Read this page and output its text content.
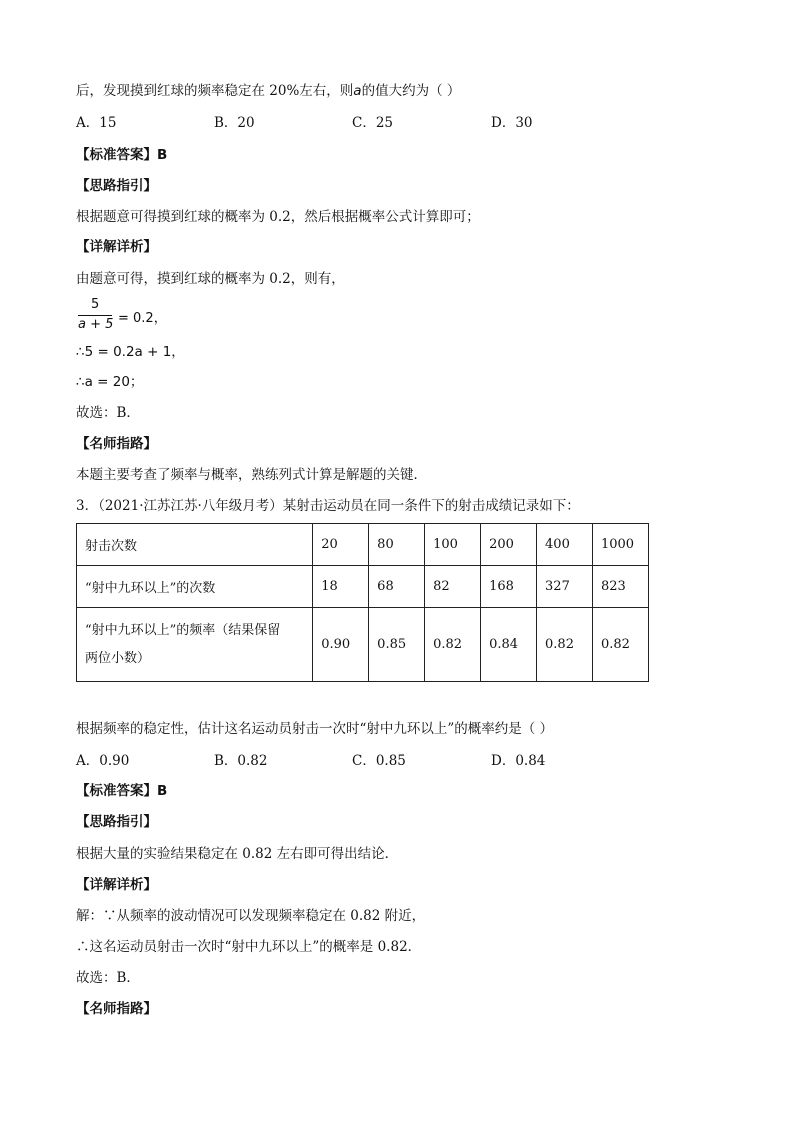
后，发现摸到红球的频率稳定在 20%左右，则a的值大约为（ ）
A．15	B．20	C．25	D．30
【标准答案】B
【思路指引】
根据题意可得摸到红球的概率为 0.2，然后根据概率公式计算即可；
【详解详析】
由题意可得，摸到红球的概率为 0.2，则有，
5
a + 5 = 0.2，
∴5 = 0.2a + 1，
∴a = 20；
故选：B．
【名师指路】
本题主要考查了频率与概率，熟练列式计算是解题的关键．
3．（2021·江苏江苏·八年级月考）某射击运动员在同一条件下的射击成绩记录如下：
射击次数	20	80	100	200	400	1000
“射中九环以上”的次数	18	68	82	168	327	823

“射中九环以上”的频率（结果保留
两位小数）	0.90	0.85	0.82	0.84	0.82	0.82
根据频率的稳定性，估计这名运动员射击一次时“射中九环以上”的概率约是（ ）
A．0.90	B．0.82	C．0.85	D．0.84
【标准答案】B
【思路指引】
根据大量的实验结果稳定在 0.82 左右即可得出结论．
【详解详析】
解：∵从频率的波动情况可以发现频率稳定在 0.82 附近，
∴这名运动员射击一次时“射中九环以上”的概率是 0.82．
故选：B．
【名师指路】
